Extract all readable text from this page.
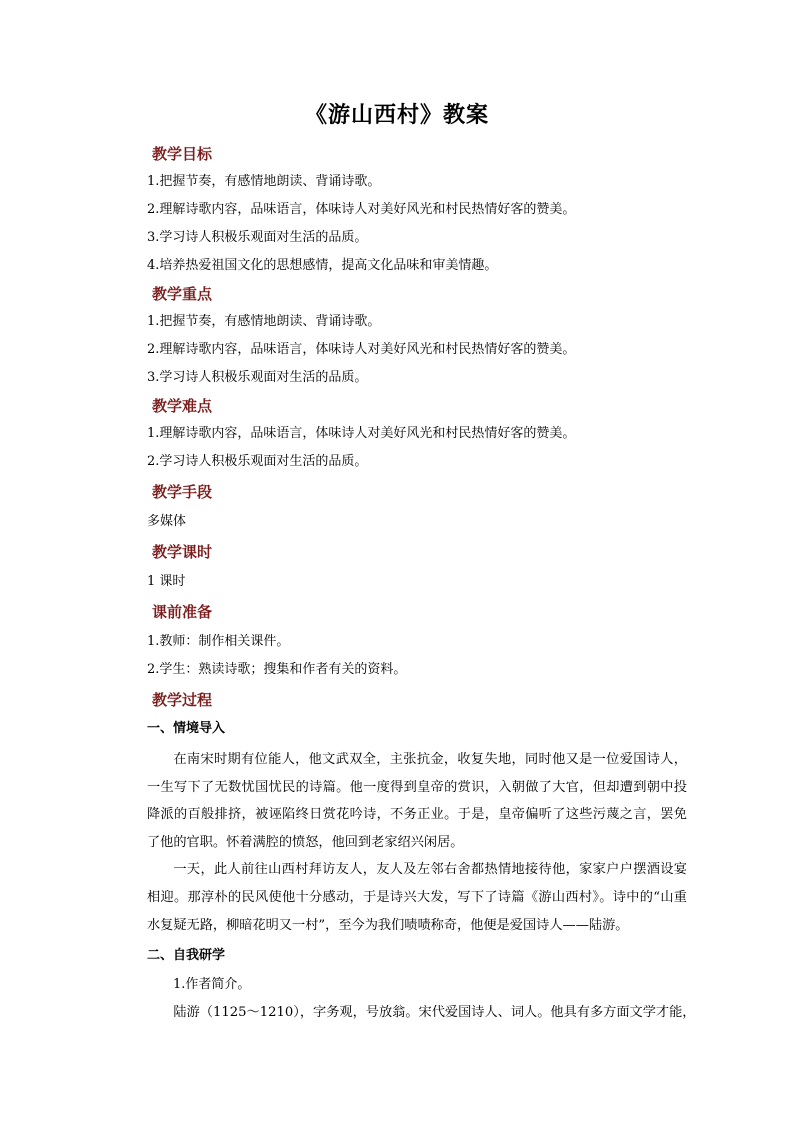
《游山西村》教案
教学目标
1.把握节奏，有感情地朗读、背诵诗歌。
2.理解诗歌内容，品味语言，体味诗人对美好风光和村民热情好客的赞美。
3.学习诗人积极乐观面对生活的品质。
4.培养热爱祖国文化的思想感情，提高文化品味和审美情趣。
教学重点
1.把握节奏，有感情地朗读、背诵诗歌。
2.理解诗歌内容，品味语言，体味诗人对美好风光和村民热情好客的赞美。
3.学习诗人积极乐观面对生活的品质。
教学难点
1.理解诗歌内容，品味语言，体味诗人对美好风光和村民热情好客的赞美。
2.学习诗人积极乐观面对生活的品质。
教学手段
多媒体
教学课时
1 课时
课前准备
1.教师：制作相关课件。
2.学生：熟读诗歌；搜集和作者有关的资料。
教学过程
一、情境导入

在南宋时期有位能人，他文武双全，主张抗金，收复失地，同时他又是一位爱国诗人，一生写下了无数忧国忧民的诗篇。他一度得到皇帝的赏识，入朝做了大官，但却遭到朝中投降派的百般排挤，被诬陷终日赏花吟诗，不务正业。于是，皇帝偏听了这些污蔑之言，罢免了他的官职。怀着满腔的愤怒，他回到老家绍兴闲居。

一天，此人前往山西村拜访友人，友人及左邻右舍都热情地接待他，家家户户摆酒设宴相迎。那淳朴的民风使他十分感动，于是诗兴大发，写下了诗篇《游山西村》。诗中的“山重水复疑无路，柳暗花明又一村”，至今为我们啧啧称奇，他便是爱国诗人——陆游。

二、自我研学
1.作者简介。

陆游（1125～1210），字务观，号放翁。宋代爱国诗人、词人。他具有多方面文学才能，
